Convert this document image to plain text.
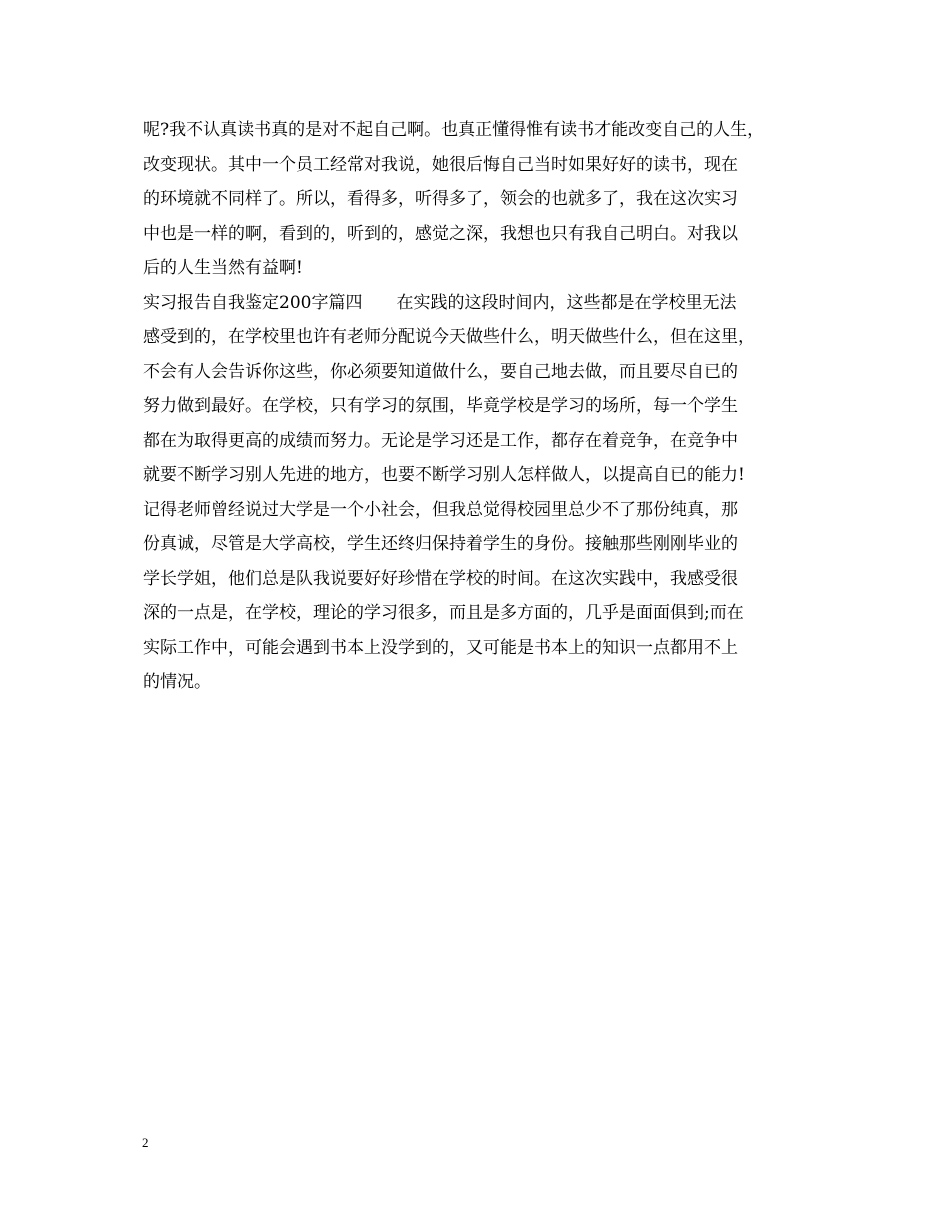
呢?我不认真读书真的是对不起自己啊。也真正懂得惟有读书才能改变自己的人生，
改变现状。其中一个员工经常对我说，她很后悔自己当时如果好好的读书，现在
的环境就不同样了。所以，看得多，听得多了，领会的也就多了，我在这次实习
中也是一样的啊，看到的，听到的，感觉之深，我想也只有我自己明白。对我以
后的人生当然有益啊!
实习报告自我鉴定200字篇四　　在实践的这段时间内，这些都是在学校里无法
感受到的，在学校里也许有老师分配说今天做些什么，明天做些什么，但在这里，
不会有人会告诉你这些，你必须要知道做什么，要自己地去做，而且要尽自已的
努力做到最好。在学校，只有学习的氛围，毕竟学校是学习的场所，每一个学生
都在为取得更高的成绩而努力。无论是学习还是工作，都存在着竞争，在竞争中
就要不断学习别人先进的地方，也要不断学习别人怎样做人，以提高自已的能力!
记得老师曾经说过大学是一个小社会，但我总觉得校园里总少不了那份纯真，那
份真诚，尽管是大学高校，学生还终归保持着学生的身份。接触那些刚刚毕业的
学长学姐，他们总是队我说要好好珍惜在学校的时间。在这次实践中，我感受很
深的一点是，在学校，理论的学习很多，而且是多方面的，几乎是面面俱到;而在
实际工作中，可能会遇到书本上没学到的，又可能是书本上的知识一点都用不上
的情况。
2
